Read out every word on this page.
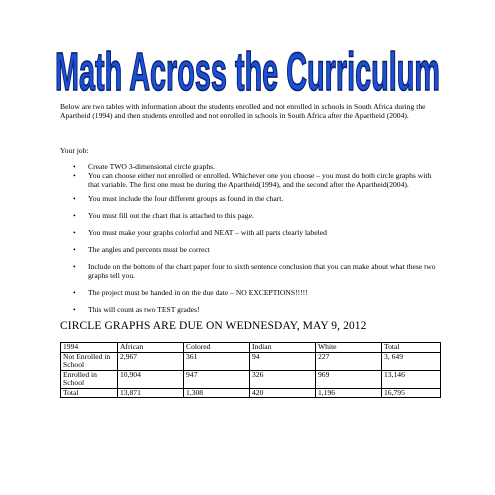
Math Across the Curriculum

Below are two tables with information about the students enrolled and not enrolled in schools in South Africa during the Apartheid (1994) and then students enrolled and not enrolled in schools in South Africa after the Apartheid (2004).

Your job:

• Create TWO 3-dimensional circle graphs.
• You can choose either not enrolled or enrolled. Whichever one you choose – you must do both circle graphs with that variable. The first one must be during the Apartheid(1994), and the second after the Apartheid(2004).
• You must include the four different groups as found in the chart.
• You must fill out the chart that is attached to this page.
• You must make your graphs colorful and NEAT – with all parts clearly labeled
• The angles and percents must be correct
• Include on the bottom of the chart paper four to sixth sentence conclusion that you can make about what these two graphs tell you.
• The project must be handed in on the due date – NO EXCEPTIONS!!!!!
• This will count as two TEST grades!

CIRCLE GRAPHS ARE DUE ON WEDNESDAY, MAY 9, 2012

1994	African	Colored	Indian	White	Total
Not Enrolled in School	2,967	361	94	227	3, 649
Enrolled in School	10,904	947	326	969	13,146
Total	13,871	1,308	420	1,196	16,795
